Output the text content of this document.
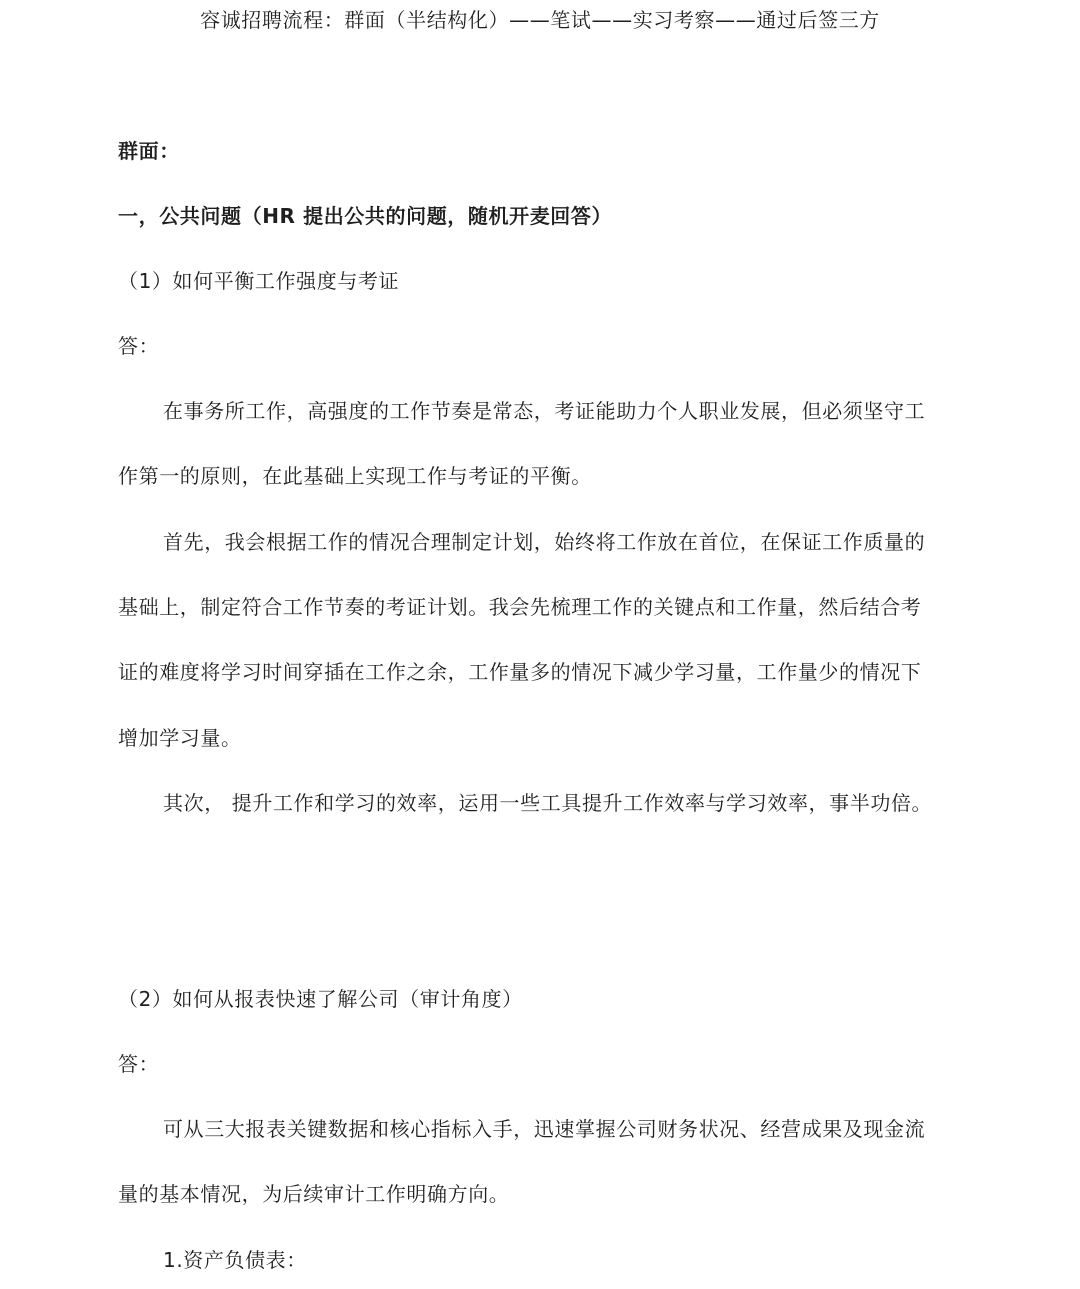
容诚招聘流程：群面（半结构化）——笔试——实习考察——通过后签三方
群面：
一，公共问题（HR 提出公共的问题，随机开麦回答）
（1）如何平衡工作强度与考证
答：
在事务所工作，高强度的工作节奏是常态，考证能助力个人职业发展，但必须坚守工
作第一的原则，在此基础上实现工作与考证的平衡。
首先，我会根据工作的情况合理制定计划，始终将工作放在首位，在保证工作质量的
基础上，制定符合工作节奏的考证计划。我会先梳理工作的关键点和工作量，然后结合考
证的难度将学习时间穿插在工作之余，工作量多的情况下减少学习量，工作量少的情况下
增加学习量。
其次， 提升工作和学习的效率，运用一些工具提升工作效率与学习效率，事半功倍。
（2）如何从报表快速了解公司（审计角度）
答：
可从三大报表关键数据和核心指标入手，迅速掌握公司财务状况、经营成果及现金流
量的基本情况，为后续审计工作明确方向。
1.资产负债表：
